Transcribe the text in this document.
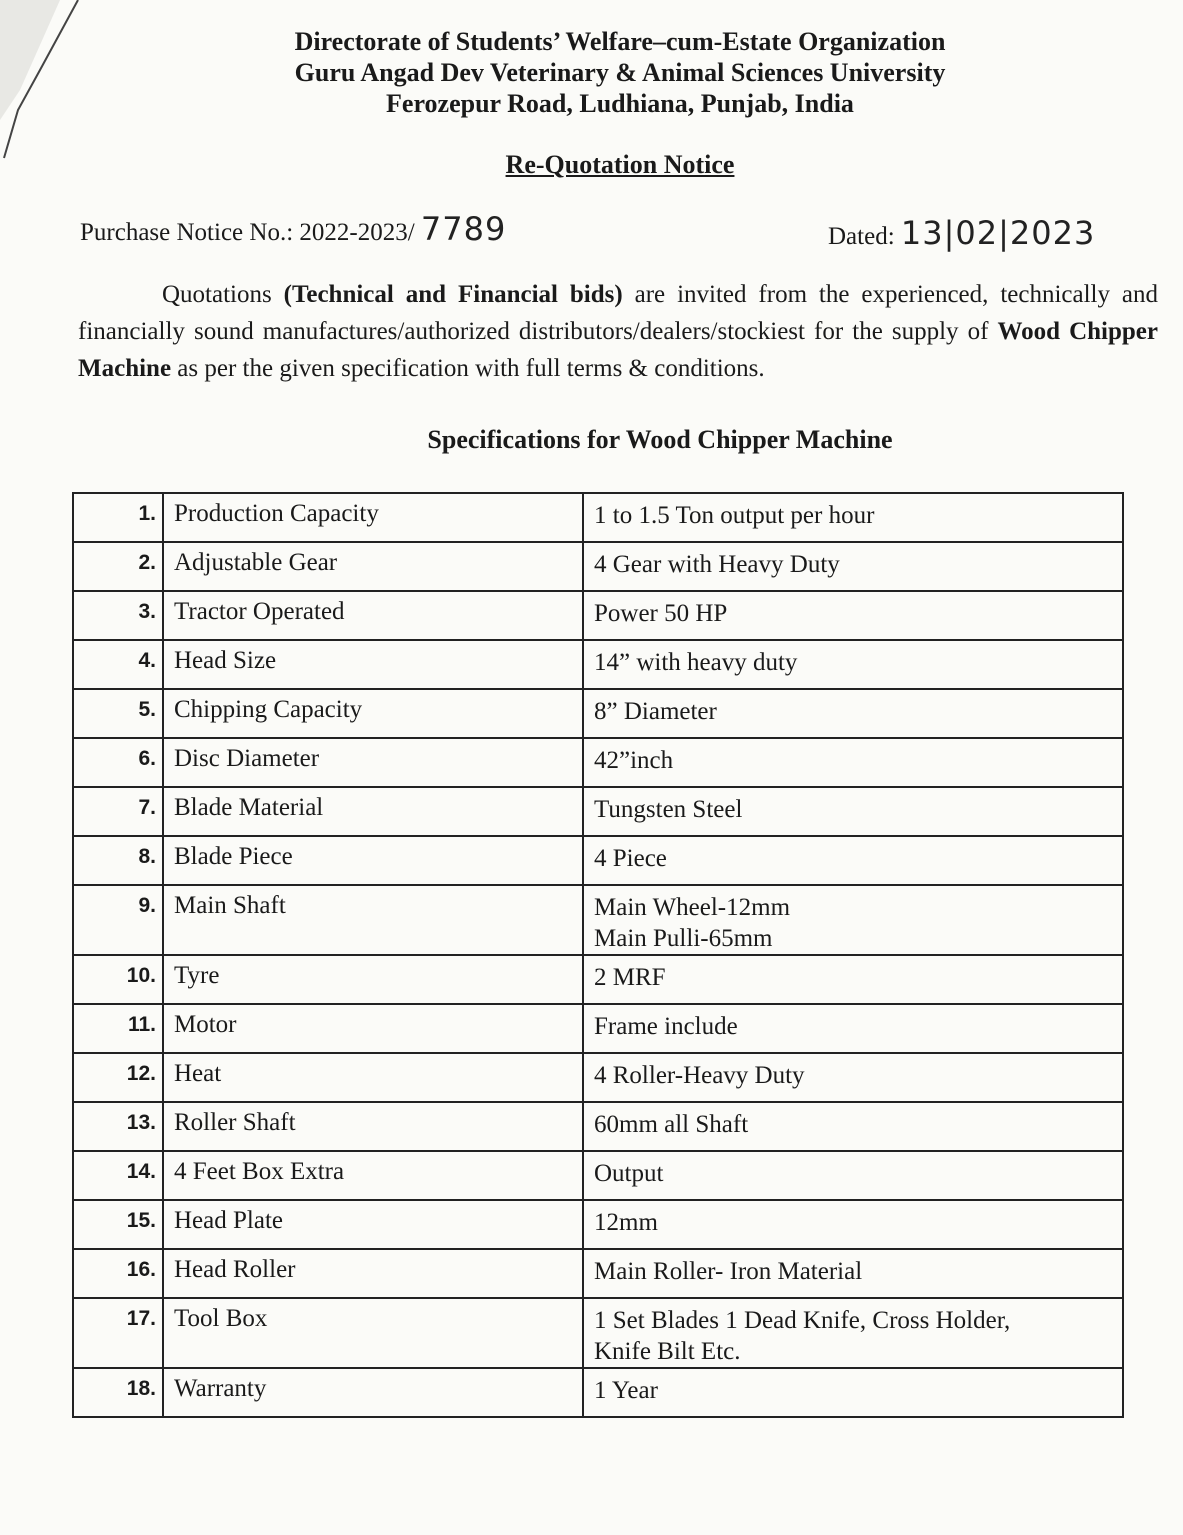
Directorate of Students’ Welfare–cum-Estate Organization
Guru Angad Dev Veterinary & Animal Sciences University
Ferozepur Road, Ludhiana, Punjab, India
Re-Quotation Notice
Purchase Notice No.: 2022-2023/ 7789	Dated: 13|02|2023
Quotations (Technical and Financial bids) are invited from the experienced, technically and financially sound manufactures/authorized distributors/dealers/stockiest for the supply of Wood Chipper Machine as per the given specification with full terms & conditions.
Specifications for Wood Chipper Machine
1.	Production Capacity	1 to 1.5 Ton output per hour

2.	Adjustable Gear	4 Gear with Heavy Duty

3.	Tractor Operated	Power 50 HP

4.	Head Size	14” with heavy duty

5.	Chipping Capacity	8” Diameter

6.	Disc Diameter	42”inch

7.	Blade Material	Tungsten Steel

8.	Blade Piece	4 Piece

9.	Main Shaft	Main Wheel-12mm
Main Pulli-65mm

10.	Tyre	2 MRF

11.	Motor	Frame include

12.	Heat	4 Roller-Heavy Duty

13.	Roller Shaft	60mm all Shaft

14.	4 Feet Box Extra	Output

15.	Head Plate	12mm

16.	Head Roller	Main Roller- Iron Material

17.	Tool Box	1 Set Blades 1 Dead Knife, Cross Holder,
Knife Bilt Etc.

18.	Warranty	1 Year
